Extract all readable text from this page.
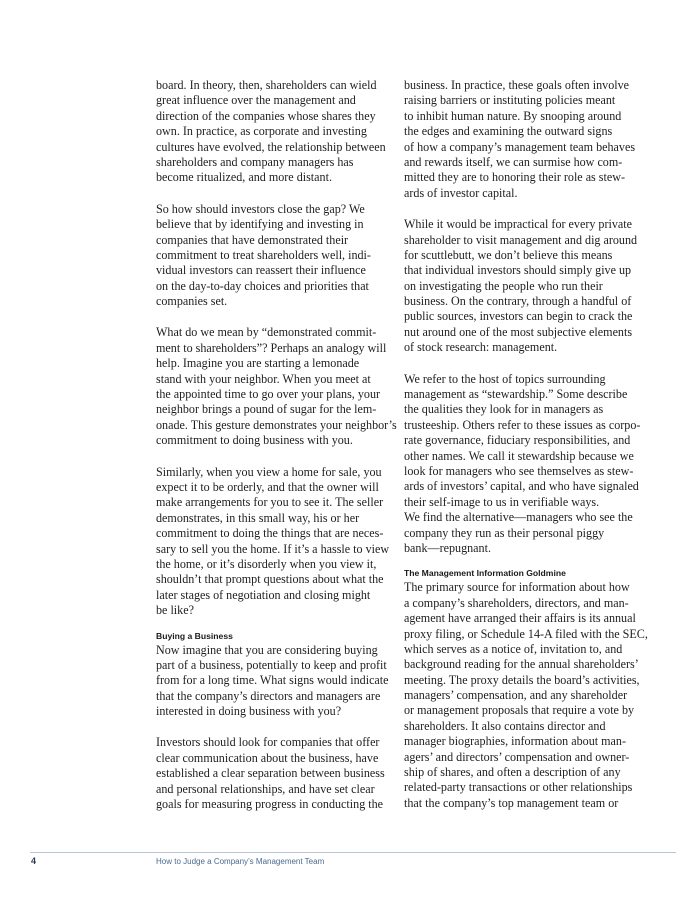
board. In theory, then, shareholders can wield
great influence over the management and
direction of the companies whose shares they
own. In practice, as corporate and investing
cultures have evolved, the relationship between
shareholders and company managers has
become ritualized, and more distant.
So how should investors close the gap? We
believe that by identifying and investing in
companies that have demonstrated their
commitment to treat shareholders well, indi-
vidual investors can reassert their influence
on the day-to-day choices and priorities that
companies set.
What do we mean by “demonstrated commit-
ment to shareholders”? Perhaps an analogy will
help. Imagine you are starting a lemonade
stand with your neighbor. When you meet at
the appointed time to go over your plans, your
neighbor brings a pound of sugar for the lem-
onade. This gesture demonstrates your neighbor’s
commitment to doing business with you.
Similarly, when you view a home for sale, you
expect it to be orderly, and that the owner will
make arrangements for you to see it. The seller
demonstrates, in this small way, his or her
commitment to doing the things that are neces-
sary to sell you the home. If it’s a hassle to view
the home, or it’s disorderly when you view it,
shouldn’t that prompt questions about what the
later stages of negotiation and closing might
be like?
Buying a Business
Now imagine that you are considering buying
part of a business, potentially to keep and profit
from for a long time. What signs would indicate
that the company’s directors and managers are
interested in doing business with you?
Investors should look for companies that offer
clear communication about the business, have
established a clear separation between business
and personal relationships, and have set clear
goals for measuring progress in conducting the
business. In practice, these goals often involve
raising barriers or instituting policies meant
to inhibit human nature. By snooping around
the edges and examining the outward signs
of how a company’s management team behaves
and rewards itself, we can surmise how com-
mitted they are to honoring their role as stew-
ards of investor capital.
While it would be impractical for every private
shareholder to visit management and dig around
for scuttlebutt, we don’t believe this means
that individual investors should simply give up
on investigating the people who run their
business. On the contrary, through a handful of
public sources, investors can begin to crack the
nut around one of the most subjective elements
of stock research: management.
We refer to the host of topics surrounding
management as “stewardship.” Some describe
the qualities they look for in managers as
trusteeship. Others refer to these issues as corpo-
rate governance, fiduciary responsibilities, and
other names. We call it stewardship because we
look for managers who see themselves as stew-
ards of investors’ capital, and who have signaled
their self-image to us in verifiable ways.
We find the alternative—managers who see the
company they run as their personal piggy
bank—repugnant.
The Management Information Goldmine
The primary source for information about how
a company’s shareholders, directors, and man-
agement have arranged their affairs is its annual
proxy filing, or Schedule 14-A filed with the SEC,
which serves as a notice of, invitation to, and
background reading for the annual shareholders’
meeting. The proxy details the board’s activities,
managers’ compensation, and any shareholder
or management proposals that require a vote by
shareholders. It also contains director and
manager biographies, information about man-
agers’ and directors’ compensation and owner-
ship of shares, and often a description of any
related-party transactions or other relationships
that the company’s top management team or
4	How to Judge a Company’s Management Team
